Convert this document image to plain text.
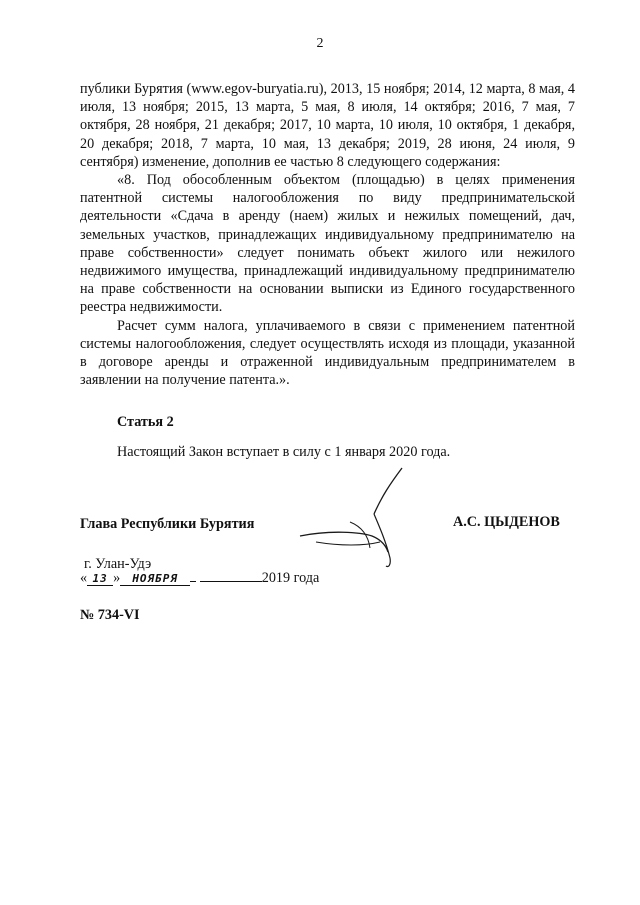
2

публики Бурятия (www.egov-buryatia.ru), 2013, 15 ноября; 2014, 12 марта, 8 мая, 4 июля, 13 ноября; 2015, 13 марта, 5 мая, 8 июля, 14 октября; 2016, 7 мая, 7 октября, 28 ноября, 21 декабря; 2017, 10 марта, 10 июля, 10 октября, 1 декабря, 20 декабря; 2018, 7 марта, 10 мая, 13 декабря; 2019, 28 июня, 24 июля, 9 сентября) изменение, дополнив ее частью 8 следующего содержания:

«8. Под обособленным объектом (площадью) в целях применения патентной системы налогообложения по виду предпринимательской деятельности «Сдача в аренду (наем) жилых и нежилых помещений, дач, земельных участков, принадлежащих индивидуальному предпринимателю на праве собственности» следует понимать объект жилого или нежилого недвижимого имущества, принадлежащий индивидуальному предпринимателю на праве собственности на основании выписки из Единого государственного реестра недвижимости.

Расчет сумм налога, уплачиваемого в связи с применением патентной системы налогообложения, следует осуществлять исходя из площади, указанной в договоре аренды и отраженной индивидуальным предпринимателем в заявлении на получение патента.».

Статья 2
Настоящий Закон вступает в силу с 1 января 2020 года.
Глава Республики Бурятия	А.С. ЦЫДЕНОВ
г. Улан-Удэ
« 13 » НОЯБРЯ	2019 года
№ 734-VI
